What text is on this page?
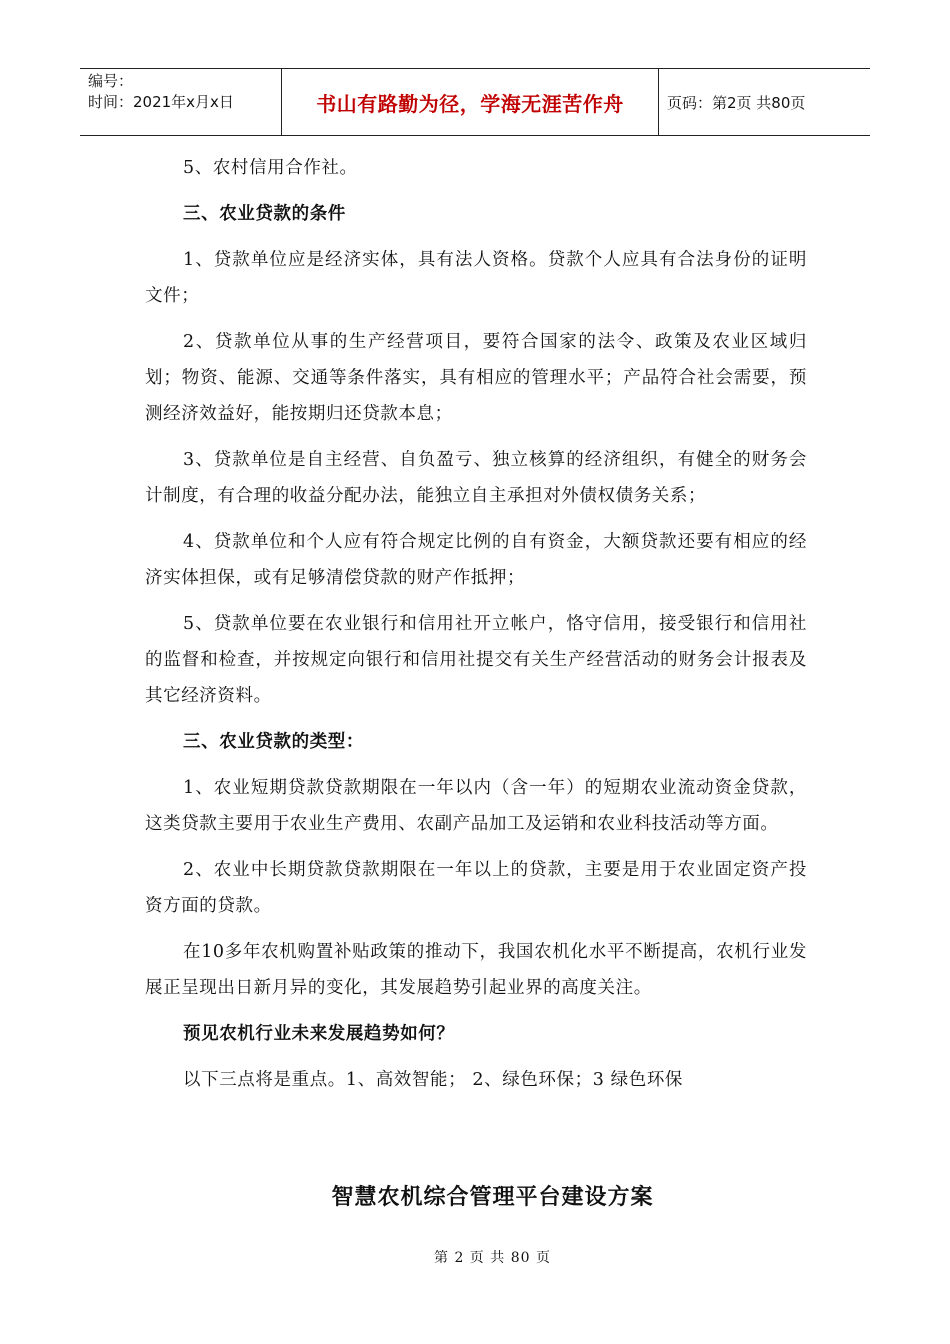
编号：
时间：2021年x月x日	书山有路勤为径，学海无涯苦作舟	页码：第2页 共80页

5、农村信用合作社。

三、农业贷款的条件

1、贷款单位应是经济实体，具有法人资格。贷款个人应具有合法身份的证明文件；

2、贷款单位从事的生产经营项目，要符合国家的法令、政策及农业区域归划；物资、能源、交通等条件落实，具有相应的管理水平；产品符合社会需要，预测经济效益好，能按期归还贷款本息；

3、贷款单位是自主经营、自负盈亏、独立核算的经济组织，有健全的财务会计制度，有合理的收益分配办法，能独立自主承担对外债权债务关系；

4、贷款单位和个人应有符合规定比例的自有资金，大额贷款还要有相应的经济实体担保，或有足够清偿贷款的财产作抵押；

5、贷款单位要在农业银行和信用社开立帐户，恪守信用，接受银行和信用社的监督和检查，并按规定向银行和信用社提交有关生产经营活动的财务会计报表及其它经济资料。

三、农业贷款的类型：

1、农业短期贷款贷款期限在一年以内（含一年）的短期农业流动资金贷款，这类贷款主要用于农业生产费用、农副产品加工及运销和农业科技活动等方面。

2、农业中长期贷款贷款期限在一年以上的贷款，主要是用于农业固定资产投资方面的贷款。

在10多年农机购置补贴政策的推动下，我国农机化水平不断提高，农机行业发展正呈现出日新月异的变化，其发展趋势引起业界的高度关注。

预见农机行业未来发展趋势如何？

以下三点将是重点。1、高效智能； 2、绿色环保；3 绿色环保

智慧农机综合管理平台建设方案
第 2 页 共 80 页
